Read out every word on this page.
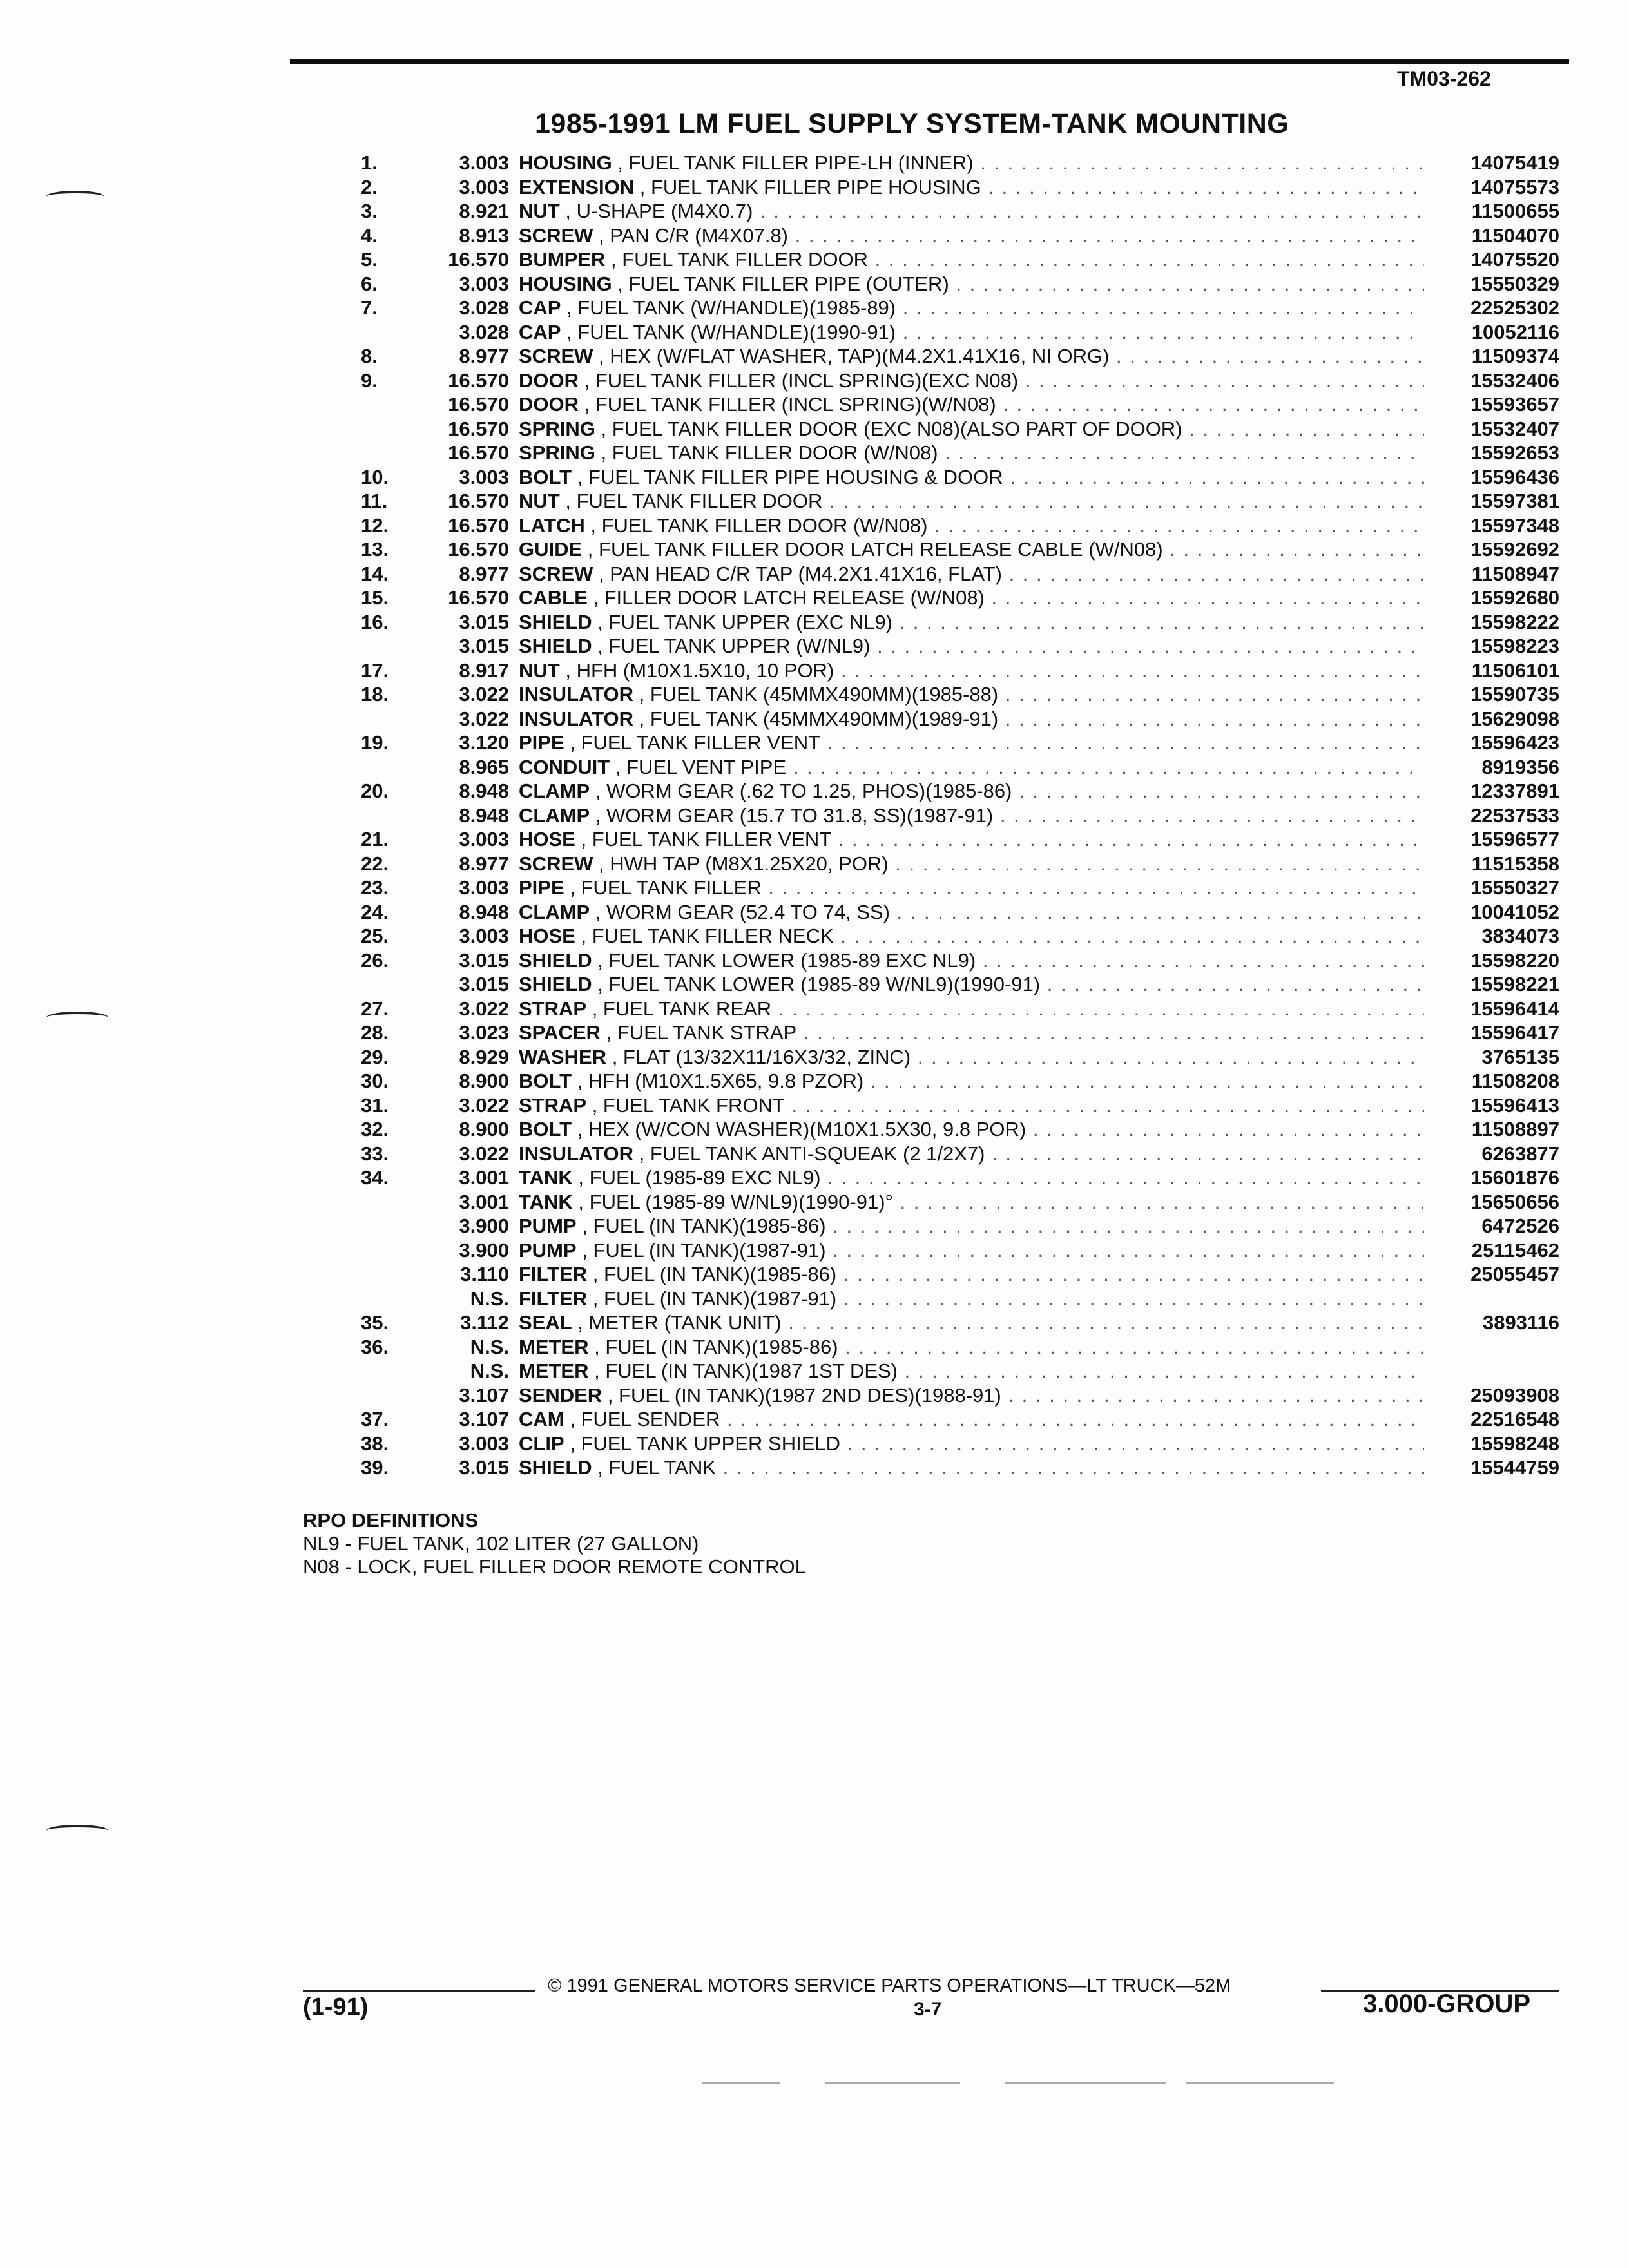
TM03-262
1985-1991 LM FUEL SUPPLY SYSTEM-TANK MOUNTING
1.	3.003 HOUSING , FUEL TANK FILLER PIPE-LH (INNER) . . .	14075419
2.	3.003 EXTENSION , FUEL TANK FILLER PIPE HOUSING . . .	14075573
3.	8.921 NUT , U-SHAPE (M4X0.7) . . .	11500655
4.	8.913 SCREW , PAN C/R (M4X07.8) . . .	11504070
5.	16.570 BUMPER , FUEL TANK FILLER DOOR . . .	14075520
6.	3.003 HOUSING , FUEL TANK FILLER PIPE (OUTER) . . .	15550329
7.	3.028 CAP , FUEL TANK (W/HANDLE)(1985-89) . . .	22525302
3.028 CAP , FUEL TANK (W/HANDLE)(1990-91) . . .	10052116
8.	8.977 SCREW , HEX (W/FLAT WASHER, TAP)(M4.2X1.41X16, NI ORG) . . .	11509374
9.	16.570 DOOR , FUEL TANK FILLER (INCL SPRING)(EXC N08) . . .	15532406
16.570 DOOR , FUEL TANK FILLER (INCL SPRING)(W/N08) . . .	15593657
16.570 SPRING , FUEL TANK FILLER DOOR (EXC N08)(ALSO PART OF DOOR) . . .	15532407
16.570 SPRING , FUEL TANK FILLER DOOR (W/N08) . . .	15592653
10.	3.003 BOLT , FUEL TANK FILLER PIPE HOUSING & DOOR . . .	15596436
11.	16.570 NUT , FUEL TANK FILLER DOOR . . .	15597381
12.	16.570 LATCH , FUEL TANK FILLER DOOR (W/N08) . . .	15597348
13.	16.570 GUIDE , FUEL TANK FILLER DOOR LATCH RELEASE CABLE (W/N08) . . .	15592692
14.	8.977 SCREW , PAN HEAD C/R TAP (M4.2X1.41X16, FLAT) . . .	11508947
15.	16.570 CABLE , FILLER DOOR LATCH RELEASE (W/N08) . . .	15592680
16.	3.015 SHIELD , FUEL TANK UPPER (EXC NL9) . . .	15598222
3.015 SHIELD , FUEL TANK UPPER (W/NL9) . . .	15598223
17.	8.917 NUT , HFH (M10X1.5X10, 10 POR) . . .	11506101
18.	3.022 INSULATOR , FUEL TANK (45MMX490MM)(1985-88) . . .	15590735
3.022 INSULATOR , FUEL TANK (45MMX490MM)(1989-91) . . .	15629098
19.	3.120 PIPE , FUEL TANK FILLER VENT . . .	15596423
8.965 CONDUIT , FUEL VENT PIPE . . .	8919356
20.	8.948 CLAMP , WORM GEAR (.62 TO 1.25, PHOS)(1985-86) . . .	12337891
8.948 CLAMP , WORM GEAR (15.7 TO 31.8, SS)(1987-91) . . .	22537533
21.	3.003 HOSE , FUEL TANK FILLER VENT . . .	15596577
22.	8.977 SCREW , HWH TAP (M8X1.25X20, POR) . . .	11515358
23.	3.003 PIPE , FUEL TANK FILLER . . .	15550327
24.	8.948 CLAMP , WORM GEAR (52.4 TO 74, SS) . . .	10041052
25.	3.003 HOSE , FUEL TANK FILLER NECK . . .	3834073
26.	3.015 SHIELD , FUEL TANK LOWER (1985-89 EXC NL9) . . .	15598220
3.015 SHIELD , FUEL TANK LOWER (1985-89 W/NL9)(1990-91) . . .	15598221
27.	3.022 STRAP , FUEL TANK REAR . . .	15596414
28.	3.023 SPACER , FUEL TANK STRAP . . .	15596417
29.	8.929 WASHER , FLAT (13/32X11/16X3/32, ZINC) . . .	3765135
30.	8.900 BOLT , HFH (M10X1.5X65, 9.8 PZOR) . . .	11508208
31.	3.022 STRAP , FUEL TANK FRONT . . .	15596413
32.	8.900 BOLT , HEX (W/CON WASHER)(M10X1.5X30, 9.8 POR) . . .	11508897
33.	3.022 INSULATOR , FUEL TANK ANTI-SQUEAK (2 1/2X7) . . .	6263877
34.	3.001 TANK , FUEL (1985-89 EXC NL9) . . .	15601876
3.001 TANK , FUEL (1985-89 W/NL9)(1990-91)° . . .	15650656
3.900 PUMP , FUEL (IN TANK)(1985-86) . . .	6472526
3.900 PUMP , FUEL (IN TANK)(1987-91) . . .	25115462
3.110 FILTER , FUEL (IN TANK)(1985-86) . . .	25055457
N.S. FILTER , FUEL (IN TANK)(1987-91) . . .
35.	3.112 SEAL , METER (TANK UNIT) . . .	3893116
36.	N.S. METER , FUEL (IN TANK)(1985-86) . . .
N.S. METER , FUEL (IN TANK)(1987 1ST DES) . . .
3.107 SENDER , FUEL (IN TANK)(1987 2ND DES)(1988-91) . . .	25093908
37.	3.107 CAM , FUEL SENDER . . .	22516548
38.	3.003 CLIP , FUEL TANK UPPER SHIELD . . .	15598248
39.	3.015 SHIELD , FUEL TANK . . .	15544759
RPO DEFINITIONS
NL9 - FUEL TANK, 102 LITER (27 GALLON)
N08 - LOCK, FUEL FILLER DOOR REMOTE CONTROL
© 1991 GENERAL MOTORS SERVICE PARTS OPERATIONS—LT TRUCK—52M
(1-91)	3-7	3.000-GROUP
